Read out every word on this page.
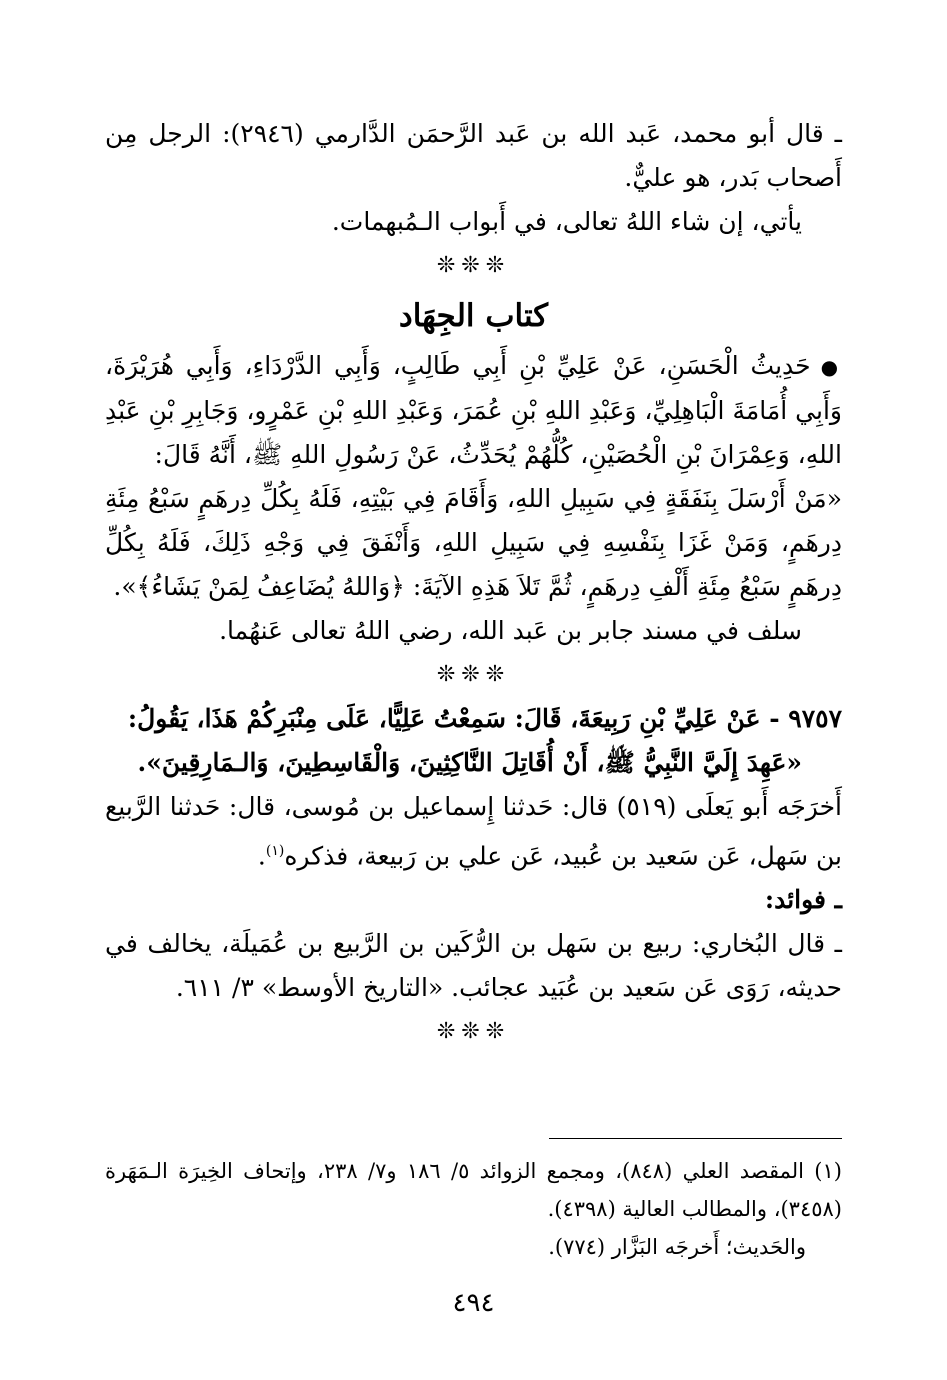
ـ قال أبو محمد، عَبد الله بن عَبد الرَّحمَن الدَّارمي (٢٩٤٦): الرجل مِن أَصحاب بَدر، هو عليٌّ.

يأتي، إن شاء اللهُ تعالى، في أَبواب الـمُبهمات.

❊❊❊

كتاب الجِهَاد

● حَدِيثُ الْحَسَنِ، عَنْ عَلِيِّ بْنِ أَبِي طَالِبٍ، وَأَبِي الدَّرْدَاءِ، وَأَبِي هُرَيْرَةَ، وَأَبِي أُمَامَةَ الْبَاهِلِيِّ، وَعَبْدِ اللهِ بْنِ عُمَرَ، وَعَبْدِ اللهِ بْنِ عَمْرٍو، وَجَابِرِ بْنِ عَبْدِ اللهِ، وَعِمْرَانَ بْنِ الْحُصَيْنِ، كُلُّهُمْ يُحَدِّثُ، عَنْ رَسُولِ اللهِ ﷺ، أَنَّهُ قَالَ:

«مَنْ أَرْسَلَ بِنَفَقَةٍ فِي سَبِيلِ اللهِ، وَأَقَامَ فِي بَيْتِهِ، فَلَهُ بِكُلِّ دِرهَمٍ سَبْعُ مِئَةِ دِرهَمٍ، وَمَنْ غَزَا بِنَفْسِهِ فِي سَبِيلِ اللهِ، وَأَنْفَقَ فِي وَجْهِ ذَلِكَ، فَلَهُ بِكُلِّ دِرهَمٍ سَبْعُ مِئَةِ أَلْفِ دِرهَمٍ، ثُمَّ تَلاَ هَذِهِ الآيَةَ: ﴿وَاللهُ يُضَاعِفُ لِمَنْ يَشَاءُ﴾».

سلف في مسند جابر بن عَبد الله، رضي اللهُ تعالى عَنهُما.

❊❊❊

٩٧٥٧ - عَنْ عَلِيِّ بْنِ رَبِيعَةَ، قَالَ: سَمِعْتُ عَلِيًّا، عَلَى مِنْبَرِكُمْ هَذَا، يَقُولُ:

«عَهِدَ إِلَيَّ النَّبِيُّ ﷺ، أَنْ أُقَاتِلَ النَّاكِثِينَ، وَالْقَاسِطِينَ، وَالـمَارِقِينَ».

أَخرَجَه أَبو يَعلَى (٥١٩) قال: حَدثنا إِسماعيل بن مُوسى، قال: حَدثنا الرَّبيع بن سَهل، عَن سَعيد بن عُبيد، عَن علي بن رَبيعة، فذكره$^{(١)}$.

ـ فوائد:

ـ قال البُخاري: ربيع بن سَهل بن الرُّكَين بن الرَّبيع بن عُمَيلَة، يخالف في حديثه، رَوَى عَن سَعيد بن عُبَيد عجائب. «التاريخ الأوسط» ٣/ ٦١١.

❊❊❊

(١) المقصد العلي (٨٤٨)، ومجمع الزوائد ٥/ ١٨٦ و٧/ ٢٣٨، وإتحاف الخِيرَة الـمَهَرة (٣٤٥٨)، والمطالب العالية (٤٣٩٨).

والحَديث؛ أَخرجَه البَزَّار (٧٧٤).

٤٩٤
